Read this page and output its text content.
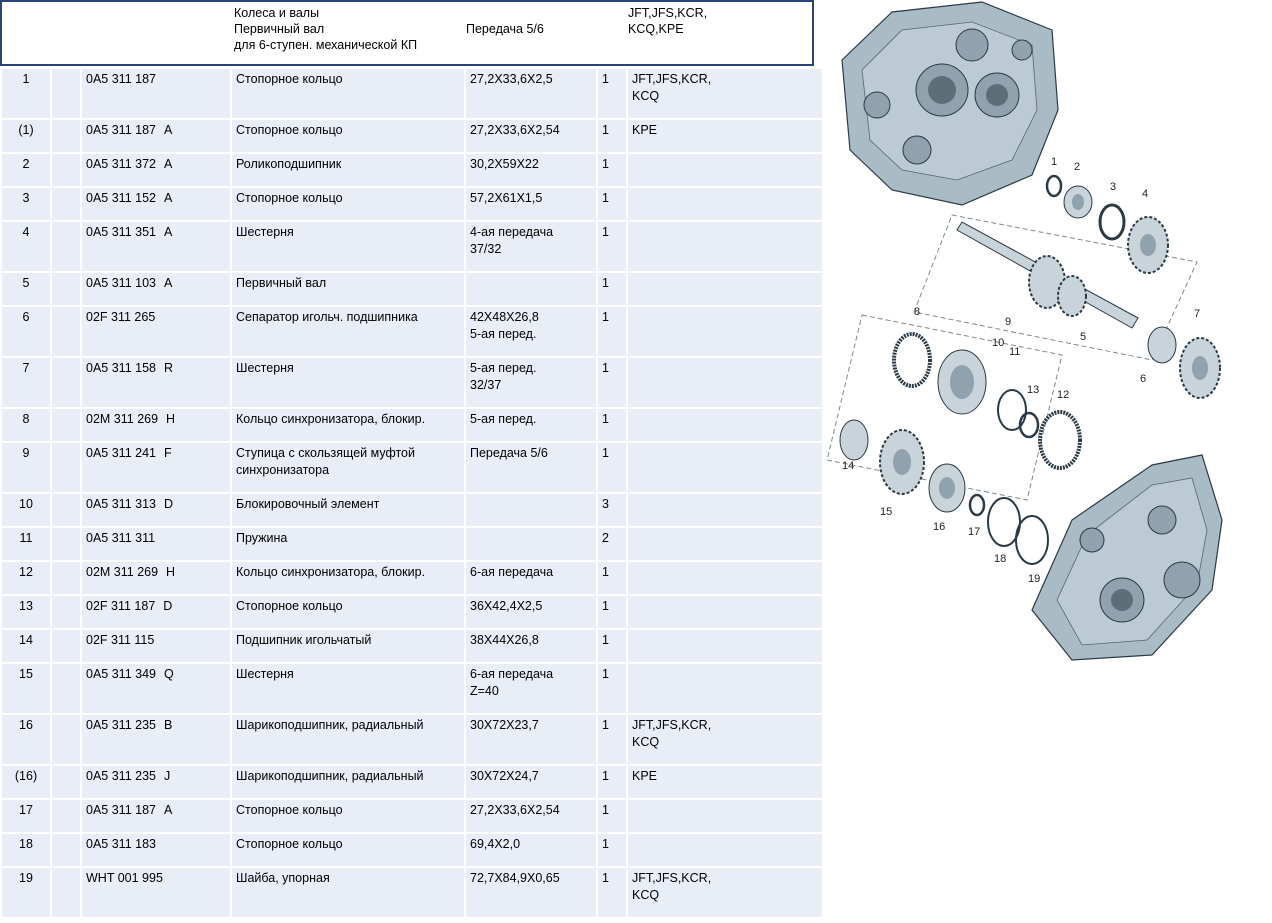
Колеса и валы
Первичный вал
для 6-ступен. механической КП
Передача 5/6
JFT,JFS,KCR,
KCQ,KPE
1		0A5 311 187	Стопорное кольцо	27,2X33,6X2,5	1	JFT,JFS,KCR,
KCQ
(1)		0A5 311 187 A	Стопорное кольцо	27,2X33,6X2,54	1	KPE
2		0A5 311 372 A	Роликоподшипник	30,2X59X22	1	
3		0A5 311 152 A	Стопорное кольцо	57,2X61X1,5	1	
4		0A5 311 351 A	Шестерня	4-ая передача
37/32	1	
5		0A5 311 103 A	Первичный вал		1	
6		02F 311 265	Сепаратор игольч. подшипника	42X48X26,8
5-ая перед.	1	
7		0A5 311 158 R	Шестерня	5-ая перед.
32/37	1	
8		02M 311 269 H	Кольцо синхронизатора, блокир.	5-ая перед.	1	
9		0A5 311 241 F	Ступица с скользящей муфтой
синхронизатора	Передача 5/6	1	
10		0A5 311 313 D	Блокировочный элемент		3	
11		0A5 311 311	Пружина		2	
12		02M 311 269 H	Кольцо синхронизатора, блокир.	6-ая передача	1	
13		02F 311 187 D	Стопорное кольцо	36X42,4X2,5	1	
14		02F 311 115	Подшипник игольчатый	38X44X26,8	1	
15		0A5 311 349 Q	Шестерня	6-ая передача
Z=40	1	
16		0A5 311 235 B	Шарикоподшипник, радиальный	30X72X23,7	1	JFT,JFS,KCR,
KCQ
(16)		0A5 311 235 J	Шарикоподшипник, радиальный	30X72X24,7	1	KPE
17		0A5 311 187 A	Стопорное кольцо	27,2X33,6X2,54	1	
18		0A5 311 183	Стопорное кольцо	69,4X2,0	1	
19		WHT 001 995	Шайба, упорная	72,7X84,9X0,65	1	JFT,JFS,KCR,
KCQ
1 2
3
4
5
6
7
8
9
10
11
12
13
14
15
16 17
18
19
